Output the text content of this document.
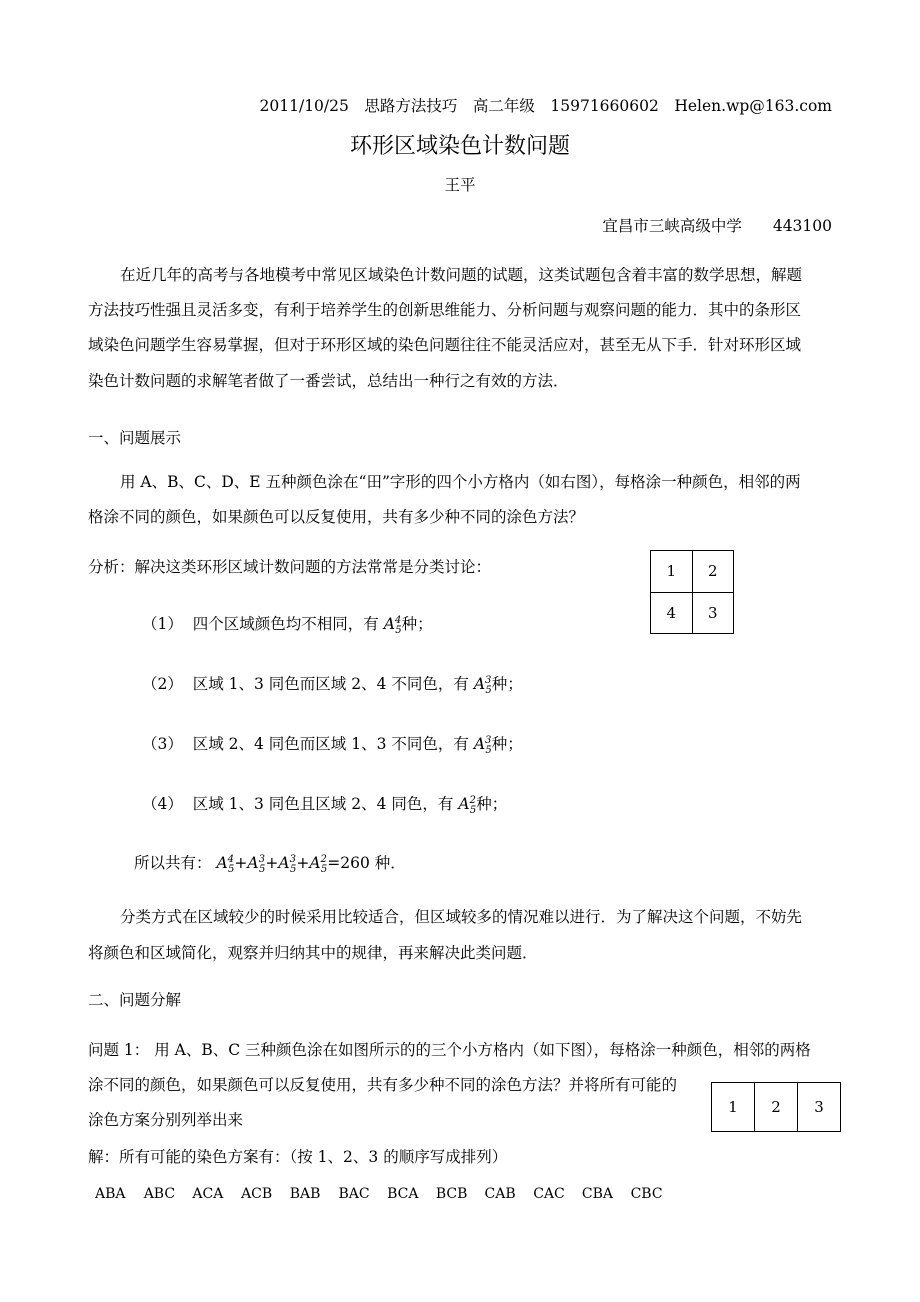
2011/10/25　思路方法技巧　高二年级　15971660602　Helen.wp@163.com
环形区域染色计数问题
王平
宜昌市三峡高级中学　　443100
在近几年的高考与各地模考中常见区域染色计数问题的试题，这类试题包含着丰富的数学思想，解题
方法技巧性强且灵活多变，有利于培养学生的创新思维能力、分析问题与观察问题的能力．其中的条形区
域染色问题学生容易掌握，但对于环形区域的染色问题往往不能灵活应对，甚至无从下手．针对环形区域
染色计数问题的求解笔者做了一番尝试，总结出一种行之有效的方法．
一、问题展示
用 A、B、C、D、E 五种颜色涂在“田”字形的四个小方格内（如右图），每格涂一种颜色，相邻的两
格涂不同的颜色，如果颜色可以反复使用，共有多少种不同的涂色方法？
分析：解决这类环形区域计数问题的方法常常是分类讨论：	1	2
4	3
（1） 四个区域颜色均不相同，有 $A^4_5$种；
（2） 区域 1、3 同色而区域 2、4 不同色，有 $A^3_5$种；
（3） 区域 2、4 同色而区域 1、3 不同色，有 $A^3_5$种；
（4） 区域 1、3 同色且区域 2、4 同色，有 $A^2_5$种；
所以共有： $A^4_5+A^3_5+A^3_5+A^2_5=260$ 种．
分类方式在区域较少的时候采用比较适合，但区域较多的情况难以进行．为了解决这个问题，不妨先
将颜色和区域简化，观察并归纳其中的规律，再来解决此类问题．
二、问题分解
问题 1： 用 A、B、C 三种颜色涂在如图所示的的三个小方格内（如下图），每格涂一种颜色，相邻的两格
涂不同的颜色，如果颜色可以反复使用，共有多少种不同的涂色方法？并将所有可能的
涂色方案分别列举出来
1	2	3
解：所有可能的染色方案有：（按 1、2、3 的顺序写成排列）
ABA ABC ACA ACB BAB BAC BCA BCB CAB CAC CBA CBC
